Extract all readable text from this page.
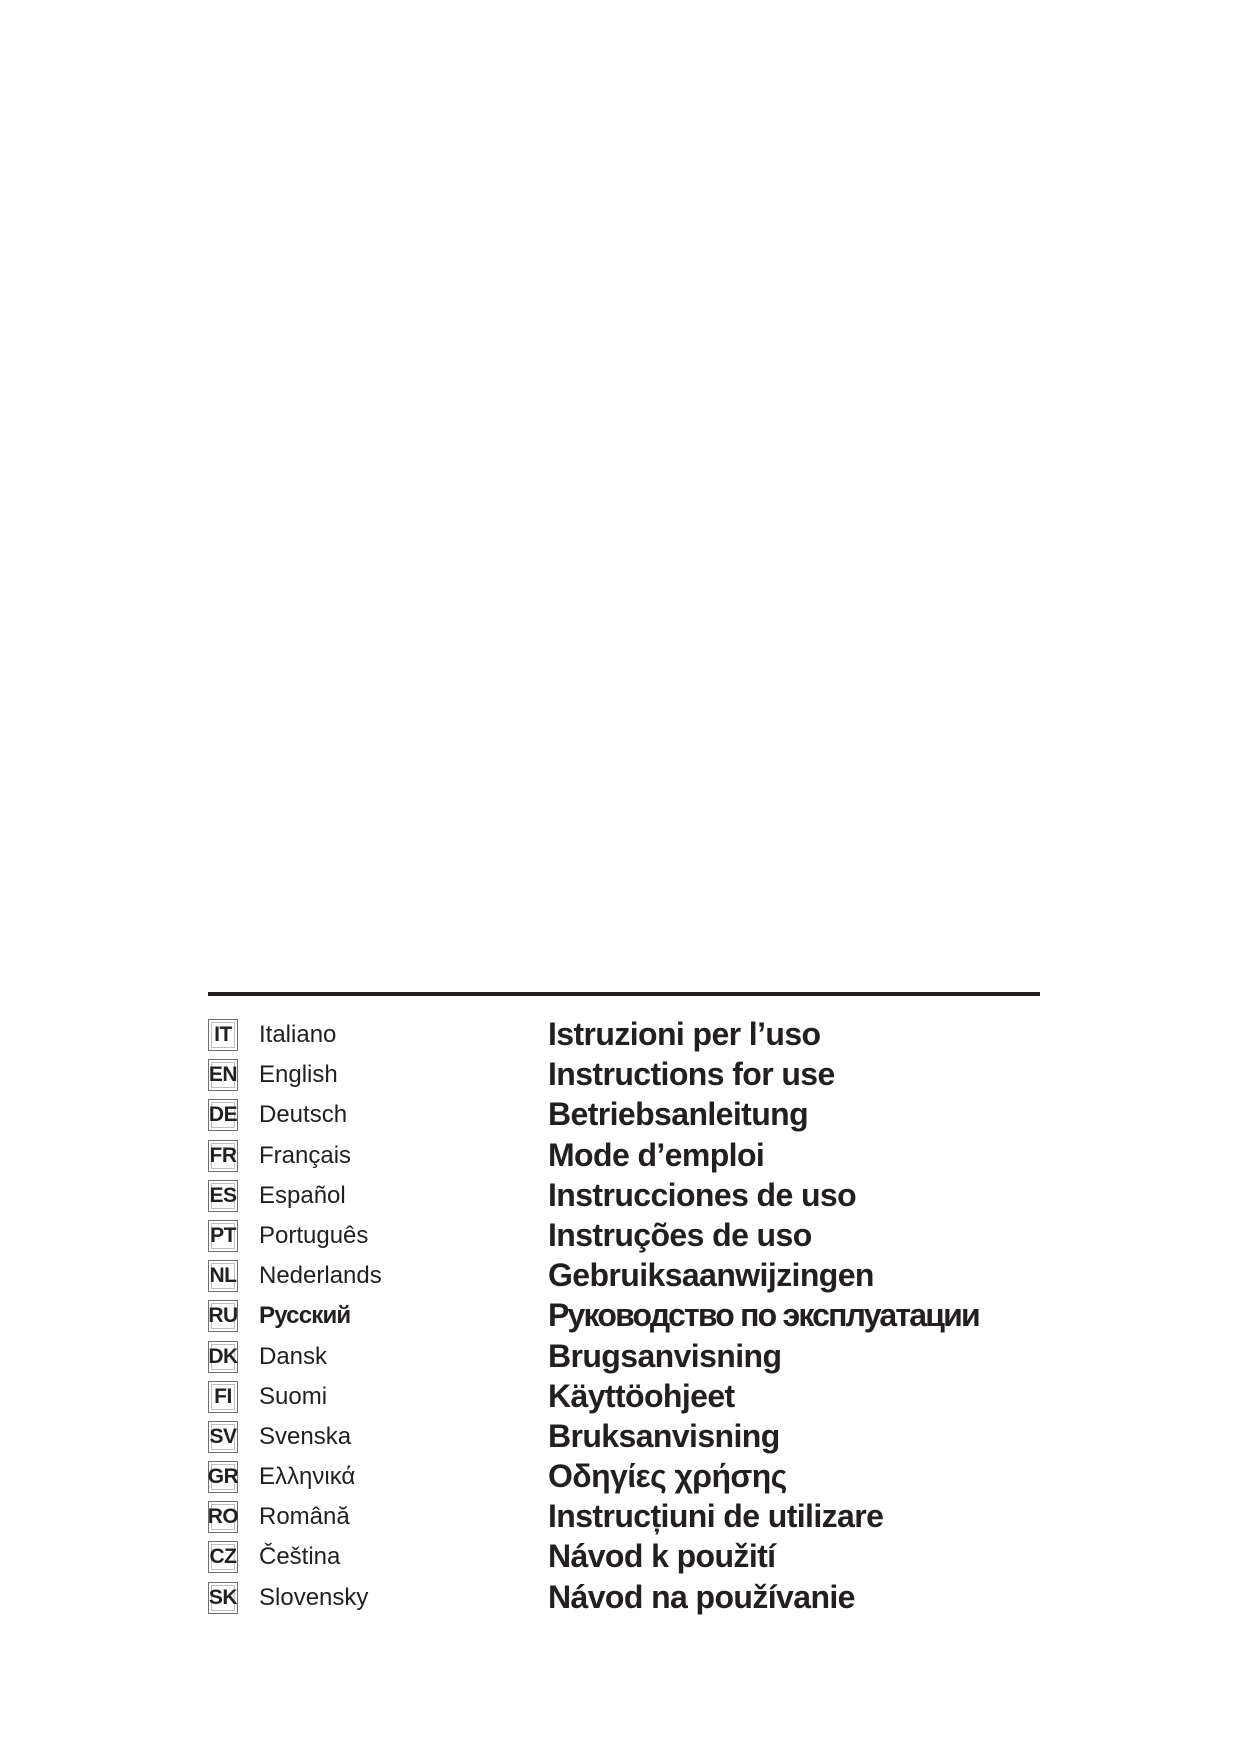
IT Italiano	Istruzioni per l’uso
EN English	Instructions for use
DE Deutsch	Betriebsanleitung
FR Français	Mode d’emploi
ES Español	Instrucciones de uso
PT Português	Instruções de uso
NL Nederlands	Gebruiksaanwijzingen
RU Русский	Руководство по эксплуатации
DK Dansk	Brugsanvisning
FI Suomi	Käyttöohjeet
SV Svenska	Bruksanvisning
GR Ελληνικά	Οδηγίες χρήσης
RO Română	Instrucțiuni de utilizare
CZ Čeština	Návod k použití
SK Slovensky	Návod na používanie
